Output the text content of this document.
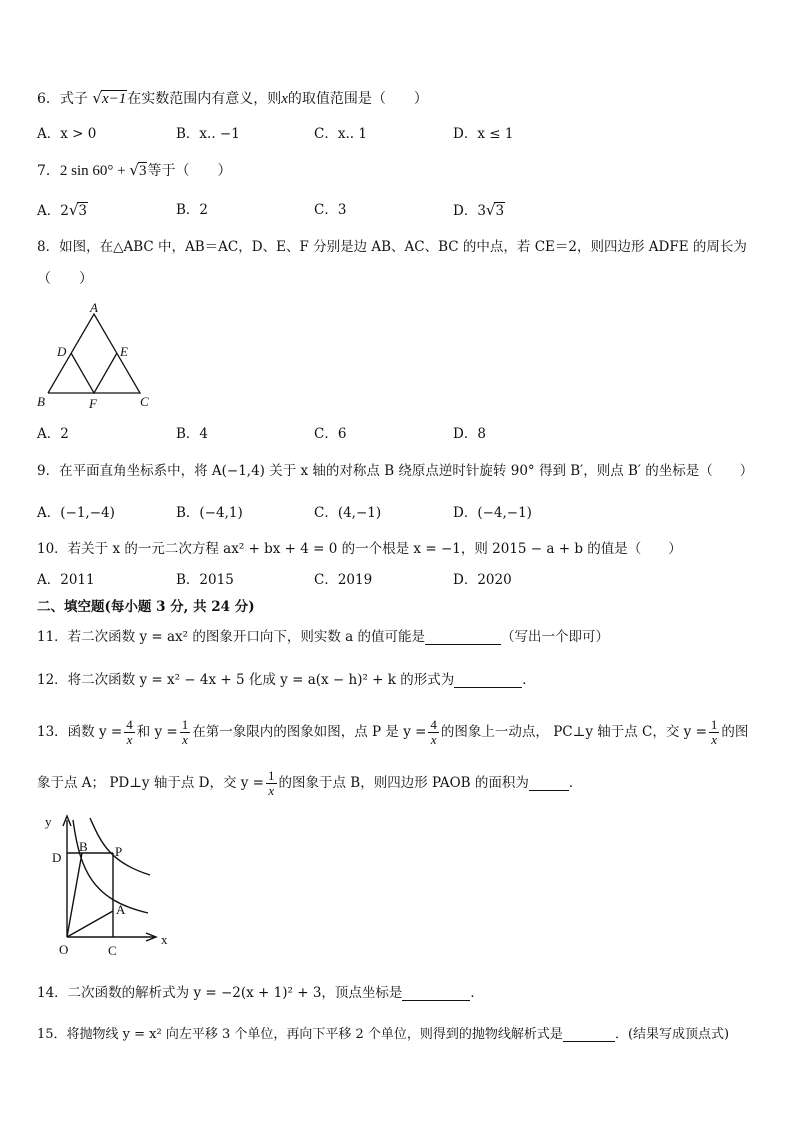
6．式子 √x−1在实数范围内有意义，则x的取值范围是（　　）
A．x > 0	B．x.. −1	C．x.. 1	D．x ≤ 1
7．2 sin 60° + √3等于（　　）
A．2√3	B．2	C．3	D．3√3
8．如图，在△ABC 中，AB＝AC，D、E、F 分别是边 AB、AC、BC 的中点，若 CE＝2，则四边形 ADFE 的周长为
（　　）
A
D	E
B	F	C
A．2	B．4	C．6	D．8
9．在平面直角坐标系中，将 A(−1,4) 关于 x 轴的对称点 B 绕原点逆时针旋转 90° 得到 B′，则点 B′ 的坐标是（　　）
A．(−1,−4)	B．(−4,1)	C．(4,−1)	D．(−4,−1)
10．若关于 x 的一元二次方程 ax² + bx + 4 = 0 的一个根是 x = −1，则 2015 − a + b 的值是（　　）
A．2011	B．2015	C．2019	D．2020
二、填空题(每小题 3 分, 共 24 分)
11．若二次函数 y = ax² 的图象开口向下，则实数 a 的值可能是	（写出一个即可）
12．将二次函数 y = x² − 4x + 5 化成 y = a(x − h)² + k 的形式为	．
13．函数 $y = \frac{4}{x}$ 和 $y = \frac{1}{x}$ 在第一象限内的图象如图，点 P 是 $y = \frac{4}{x}$ 的图象上一动点， PC⊥y 轴于点 C，交 $y = \frac{1}{x}$ 的图
象于点 A； PD⊥y 轴于点 D，交 $y = \frac{1}{x}$ 的图象于点 B，则四边形 PAOB 的面积为	．
y
x
D
B P
A
O	C
14．二次函数的解析式为 y = −2(x + 1)² + 3，顶点坐标是	．
15．将抛物线 y = x² 向左平移 3 个单位，再向下平移 2 个单位，则得到的抛物线解析式是	．(结果写成顶点式)
